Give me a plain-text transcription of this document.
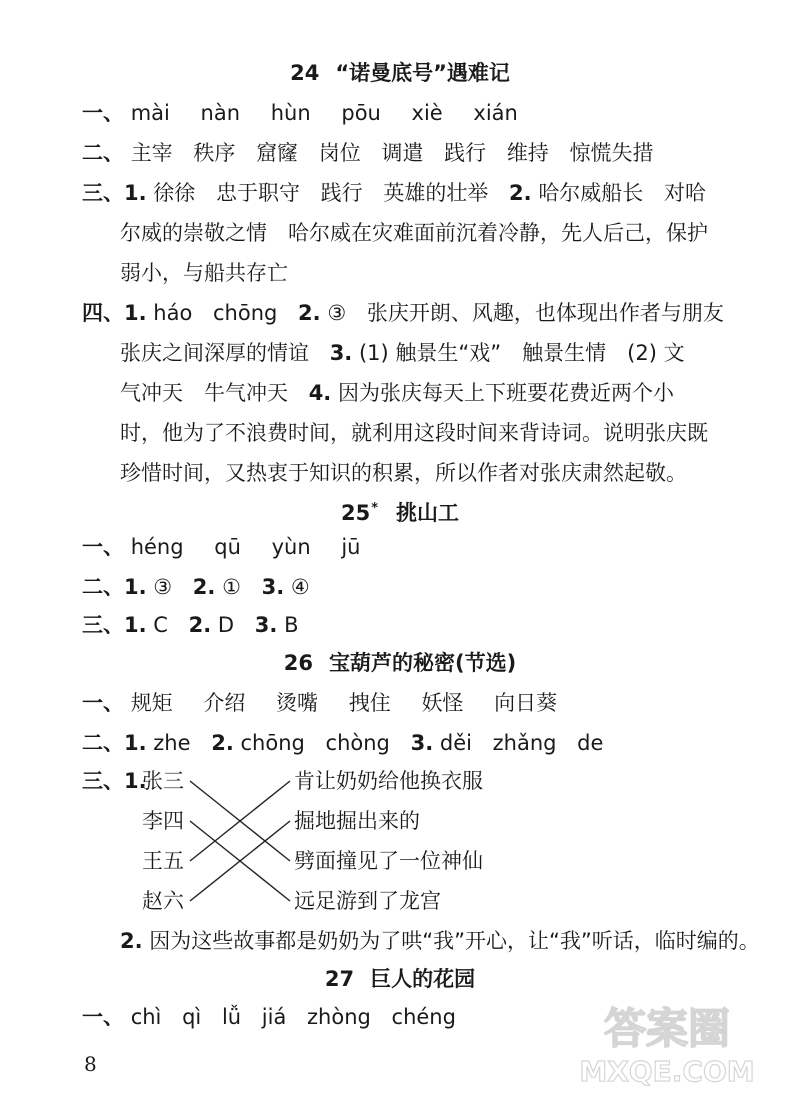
24 “诺曼底号”遇难记
一、 mài nàn hùn pōu xiè xián
二、 主宰 秩序 窟窿 岗位 调遣 践行 维持 惊慌失措
三、1. 徐徐 忠于职守 践行 英雄的壮举 2. 哈尔威船长 对哈
尔威的崇敬之情　哈尔威在灾难面前沉着冷静，先人后己，保护
弱小，与船共存亡
四、1. háo chōng 2. ③ 张庆开朗、风趣，也体现出作者与朋友
张庆之间深厚的情谊 3. (1) 触景生“戏”　触景生情　(2) 文
气冲天　牛气冲天 4. 因为张庆每天上下班要花费近两个小
时，他为了不浪费时间，就利用这段时间来背诗词。说明张庆既
珍惜时间，又热衷于知识的积累，所以作者对张庆肃然起敬。
25* 挑山工
一、 héng qū yùn jū
二、1. ③ 2. ① 3. ④
三、1. C 2. D 3. B
26 宝葫芦的秘密(节选)
一、 规矩 介绍 烫嘴 拽住 妖怪 向日葵
二、1. zhe 2. chōng chòng 3. děi zhǎng de
三、1.
张三
李四
王五
赵六
肯让奶奶给他换衣服
掘地掘出来的
劈面撞见了一位神仙
远足游到了龙宫
2. 因为这些故事都是奶奶为了哄“我”开心，让“我”听话，临时编的。
27 巨人的花园
一、 chì qì lǚ jiá zhòng chéng
8
答案圈
MXQE.COM
